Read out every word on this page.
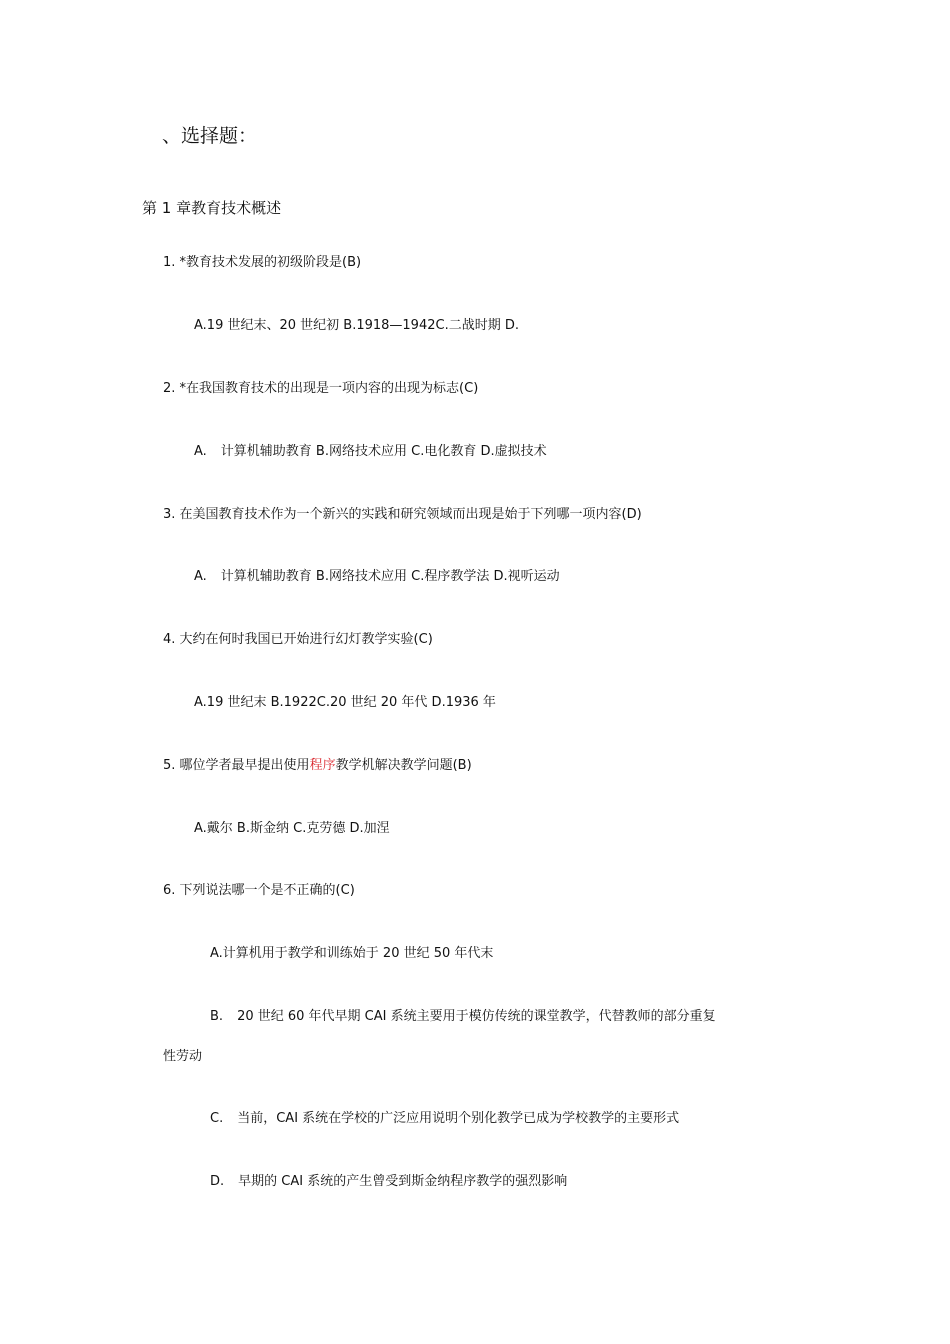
、选择题：
第 1 章教育技术概述
1. *教育技术发展的初级阶段是(B)
A.19 世纪末、20 世纪初 B.1918—1942C.二战时期 D.
2. *在我国教育技术的出现是一项内容的出现为标志(C)
A. 计算机辅助教育 B.网络技术应用 C.电化教育 D.虚拟技术
3. 在美国教育技术作为一个新兴的实践和研究领域而出现是始于下列哪一项内容(D)
A. 计算机辅助教育 B.网络技术应用 C.程序教学法 D.视听运动
4. 大约在何时我国已开始进行幻灯教学实验(C)
A.19 世纪末 B.1922C.20 世纪 20 年代 D.1936 年
5. 哪位学者最早提出使用程序教学机解决教学问题(B)
A.戴尔 B.斯金纳 C.克劳德 D.加涅
6. 下列说法哪一个是不正确的(C)
A.计算机用于教学和训练始于 20 世纪 50 年代末
B. 20 世纪 60 年代早期 CAI 系统主要用于模仿传统的课堂教学，代替教师的部分重复
性劳动
C. 当前，CAI 系统在学校的广泛应用说明个别化教学已成为学校教学的主要形式
D. 早期的 CAI 系统的产生曾受到斯金纳程序教学的强烈影响
